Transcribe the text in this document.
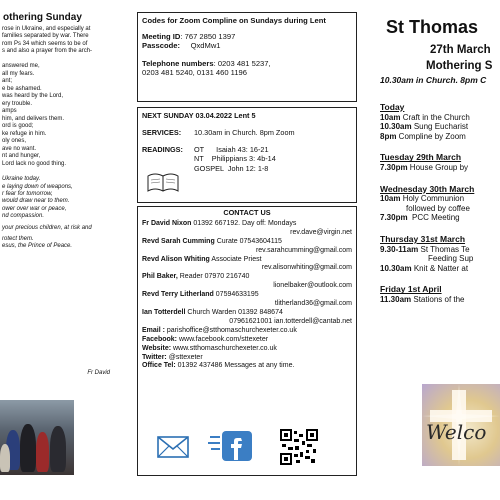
othering Sunday
rose in Ukraine, and especially at
families separated by war. There
rom Ps 34 which seems to be of
s and also a prayer from the arch-
answered me,
all my fears.
ant;
e be ashamed.
was heard by the Lord,
ery trouble.
amps
him, and delivers them.
ord is good;
ke refuge in him.
oly ones,
ave no want.
nt and hunger,
Lord lack no good thing.
Ukraine today.
e laying down of weapons,
r fear for tomorrow,
would draw near to them.
ower over war or peace,
nd compassion.
your precious children, at risk and
rotect them.
esus, the Prince of Peace.
Fr David
Codes for Zoom Compline on Sundays during Lent
Meeting ID: 767 2850 1397
Passcode: QxdMw1
Telephone numbers: 0203 481 5237,
0203 481 5240, 0131 460 1196
NEXT SUNDAY 03.04.2022 Lent 5
SERVICES:	10.30am in Church. 8pm Zoom
READINGS:	OT      Isaiah 43: 16-21
NT    Philippians 3: 4b-14
GOSPEL  John 12: 1-8
CONTACT US
Fr David Nixon 01392 667192. Day off: Mondays
rev.dave@virgin.net
Revd Sarah Cumming Curate 07543604115
rev.sarahcumming@gmail.com
Revd Alison Whiting Associate Priest
rev.alisonwhiting@gmail.com
Phil Baker, Reader 07970 216740
lionelbaker@outlook.com
Revd Terry Litherland 07594633195
tlitherland36@gmail.com
Ian Totterdell Church Warden 01392 848674
07961621001 ian.totterdell@cantab.net
Email : parishoffice@stthomaschurchexeter.co.uk
Facebook: www.facebook.com/sttexeter
Website: www.stthomaschurchexeter.co.uk
Twitter: @sttexeter
Office Tel: 01392 437486 Messages at any time.
St Thomas
27th March
Mothering S
10.30am in Church. 8pm C
Today
10am Craft in the Church
10.30am Sung Eucharist
8pm Compline by Zoom
Tuesday 29th March
7.30pm House Group by
Wednesday 30th March
10am Holy Communion
followed by coffee
7.30pm  PCC Meeting
Thursday 31st March
9.30-11am St Thomas Te
Feeding Sup
10.30am Knit & Natter at
Friday 1st April
11.30am Stations of the
Welco
